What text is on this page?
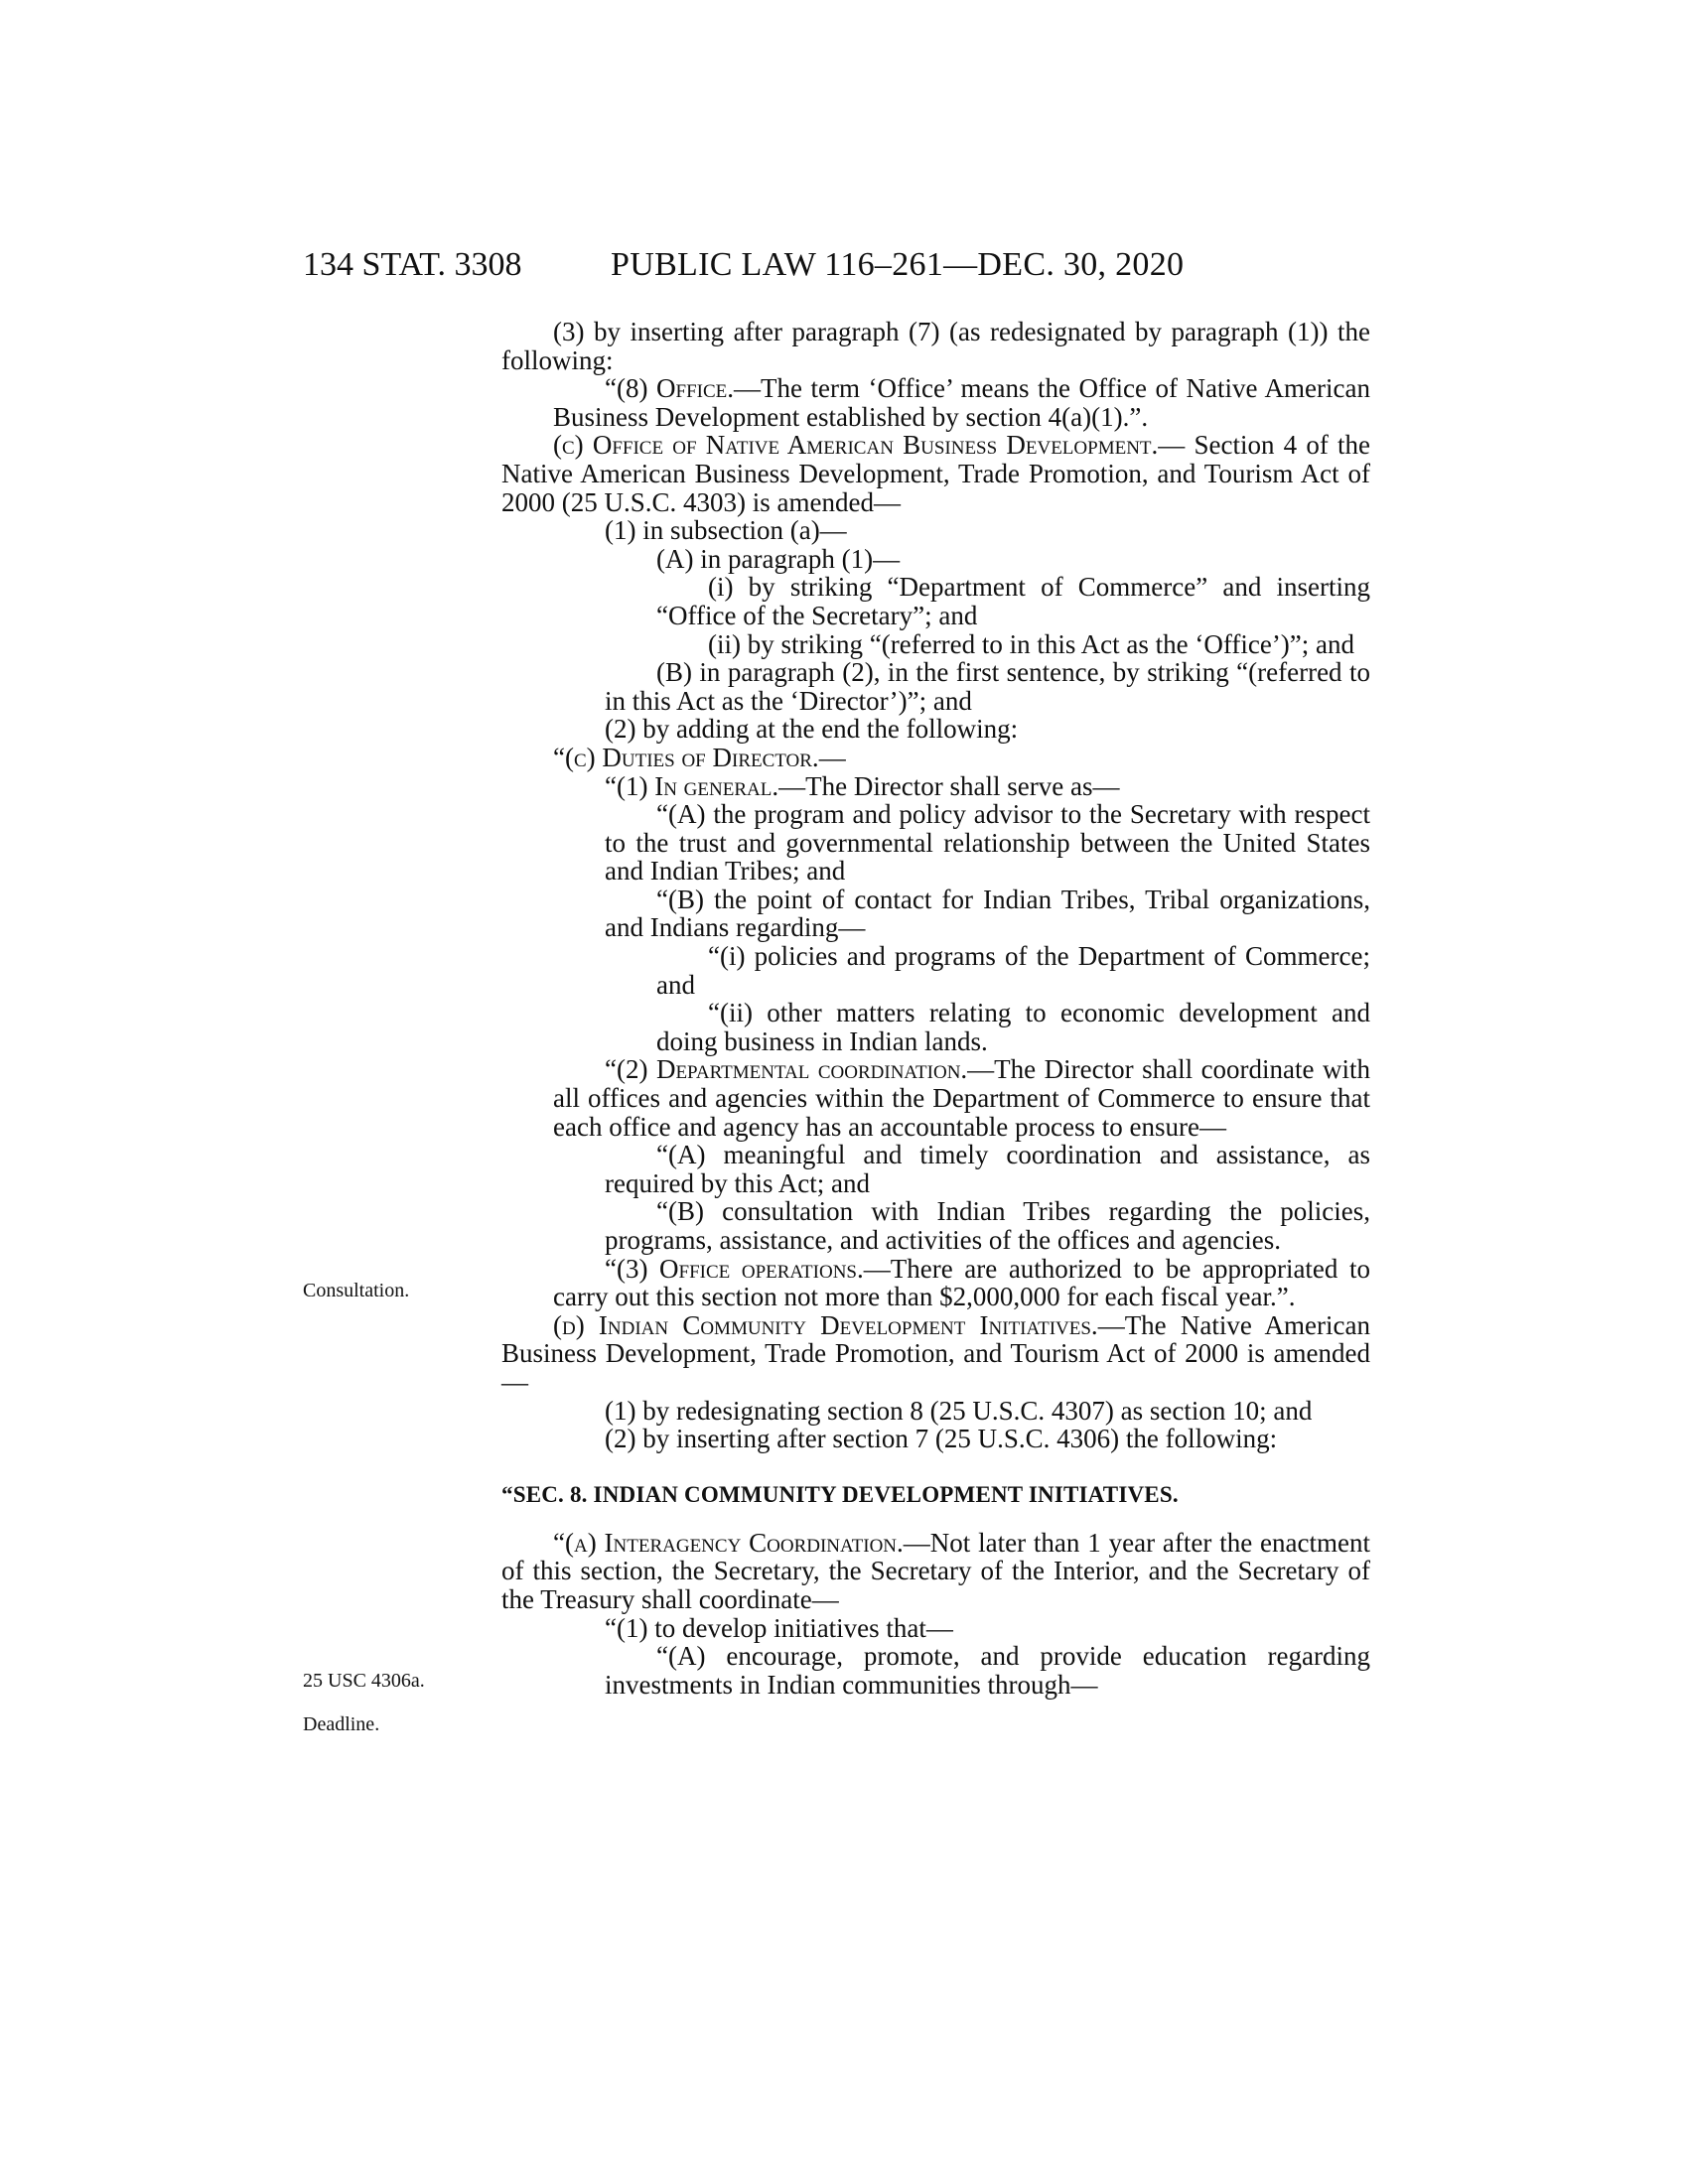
134 STAT. 3308	PUBLIC LAW 116–261—DEC. 30, 2020
Consultation.
25 USC 4306a.
Deadline.

(3) by inserting after paragraph (7) (as redesignated by paragraph (1)) the following:

“(8) Office.—The term ‘Office’ means the Office of Native American Business Development established by section 4(a)(1).”.

(c) Office of Native American Business Development.— Section 4 of the Native American Business Development, Trade Promotion, and Tourism Act of 2000 (25 U.S.C. 4303) is amended—

(1) in subsection (a)—

(A) in paragraph (1)—

(i) by striking “Department of Commerce” and inserting “Office of the Secretary”; and

(ii) by striking “(referred to in this Act as the ‘Office’)”; and

(B) in paragraph (2), in the first sentence, by striking “(referred to in this Act as the ‘Director’)”; and

(2) by adding at the end the following:

“(c) Duties of Director.—

“(1) In general.—The Director shall serve as—

“(A) the program and policy advisor to the Secretary with respect to the trust and governmental relationship between the United States and Indian Tribes; and

“(B) the point of contact for Indian Tribes, Tribal organizations, and Indians regarding—

“(i) policies and programs of the Department of Commerce; and

“(ii) other matters relating to economic development and doing business in Indian lands.

“(2) Departmental coordination.—The Director shall coordinate with all offices and agencies within the Department of Commerce to ensure that each office and agency has an accountable process to ensure—

“(A) meaningful and timely coordination and assistance, as required by this Act; and

“(B) consultation with Indian Tribes regarding the policies, programs, assistance, and activities of the offices and agencies.

“(3) Office operations.—There are authorized to be appropriated to carry out this section not more than $2,000,000 for each fiscal year.”.

(d) Indian Community Development Initiatives.—The Native American Business Development, Trade Promotion, and Tourism Act of 2000 is amended—

(1) by redesignating section 8 (25 U.S.C. 4307) as section 10; and

(2) by inserting after section 7 (25 U.S.C. 4306) the following:

“SEC. 8. INDIAN COMMUNITY DEVELOPMENT INITIATIVES.

“(a) Interagency Coordination.—Not later than 1 year after the enactment of this section, the Secretary, the Secretary of the Interior, and the Secretary of the Treasury shall coordinate—

“(1) to develop initiatives that—

“(A) encourage, promote, and provide education regarding investments in Indian communities through—
